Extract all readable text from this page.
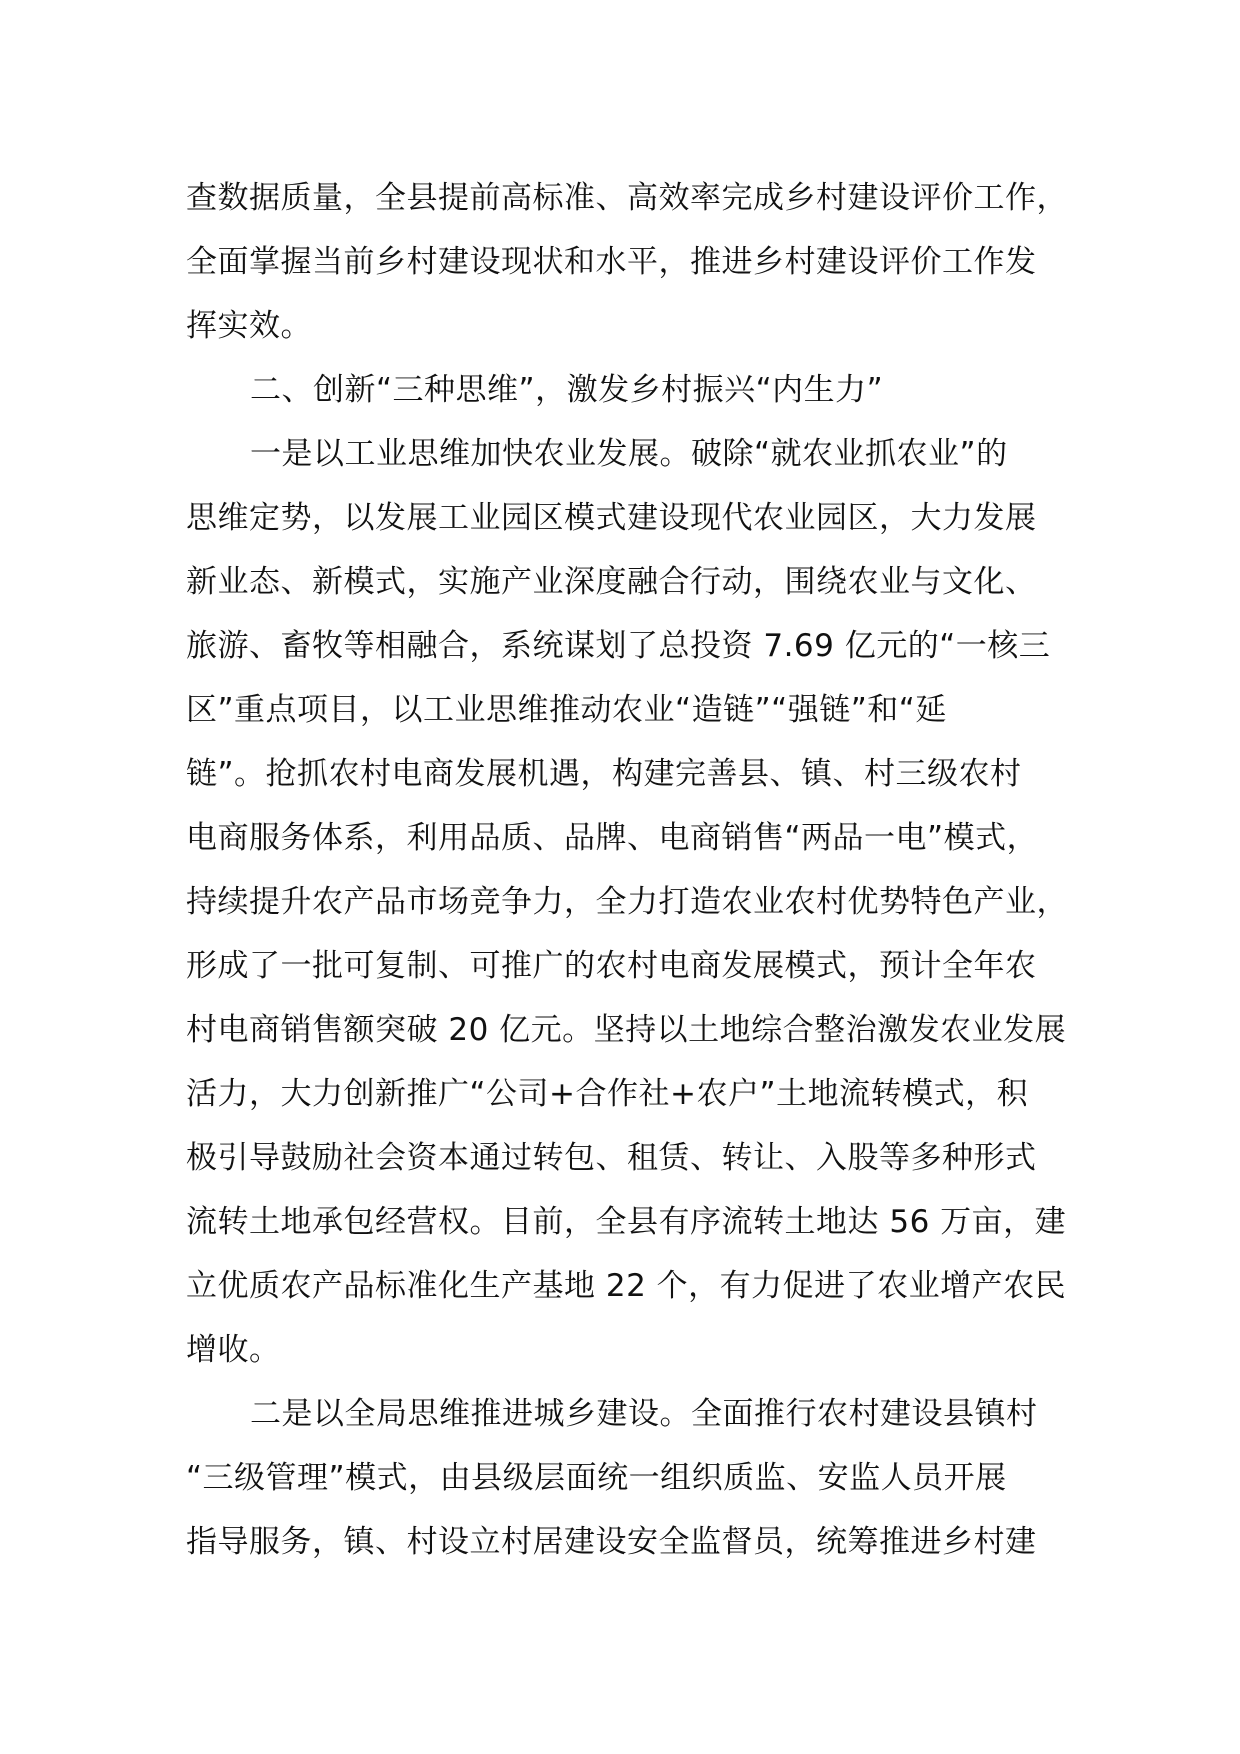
查数据质量，全县提前高标准、高效率完成乡村建设评价工作，
全面掌握当前乡村建设现状和水平，推进乡村建设评价工作发
挥实效。
二、创新“三种思维”，激发乡村振兴“内生力”
一是以工业思维加快农业发展。破除“就农业抓农业”的
思维定势，以发展工业园区模式建设现代农业园区，大力发展
新业态、新模式，实施产业深度融合行动，围绕农业与文化、
旅游、畜牧等相融合，系统谋划了总投资 7.69 亿元的“一核三
区”重点项目，以工业思维推动农业“造链”“强链”和“延
链”。抢抓农村电商发展机遇，构建完善县、镇、村三级农村
电商服务体系，利用品质、品牌、电商销售“两品一电”模式，
持续提升农产品市场竞争力，全力打造农业农村优势特色产业，
形成了一批可复制、可推广的农村电商发展模式，预计全年农
村电商销售额突破 20 亿元。坚持以土地综合整治激发农业发展
活力，大力创新推广“公司+合作社+农户”土地流转模式，积
极引导鼓励社会资本通过转包、租赁、转让、入股等多种形式
流转土地承包经营权。目前，全县有序流转土地达 56 万亩，建
立优质农产品标准化生产基地 22 个，有力促进了农业增产农民
增收。
二是以全局思维推进城乡建设。全面推行农村建设县镇村
“三级管理”模式，由县级层面统一组织质监、安监人员开展
指导服务，镇、村设立村居建设安全监督员，统筹推进乡村建
